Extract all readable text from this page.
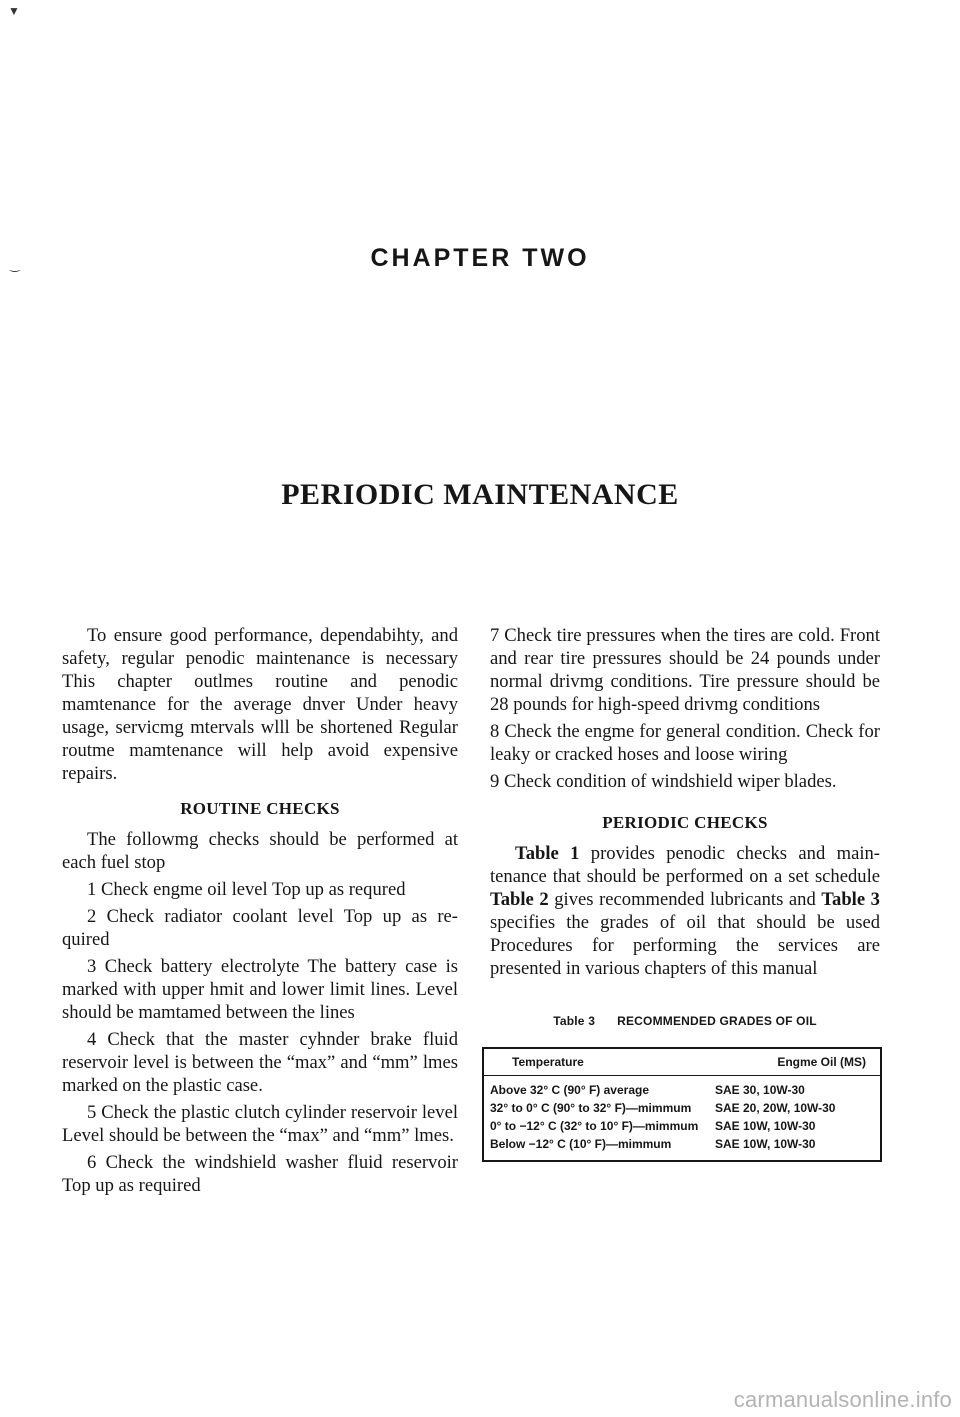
▼
‿	CHAPTER TWO
PERIODIC MAINTENANCE

To ensure good performance, dependabihty, and safety, regular penodic maintenance is necessary This chapter outlmes routine and penodic mamtenance for the average dnver Under heavy usage, servicmg mtervals wlll be shortened Regular routme mamtenance will help avoid expensive repairs.

ROUTINE CHECKS

The followmg checks should be performed at each fuel stop

1 Check engme oil level Top up as requred

2 Check radiator coolant level Top up as re-quired

3 Check battery electrolyte The battery case is marked with upper hmit and lower limit lines. Level should be mamtamed between the lines

4 Check that the master cyhnder brake fluid reservoir level is between the “max” and “mm” lmes marked on the plastic case.

5 Check the plastic clutch cylinder reservoir level Level should be between the “max” and “mm” lmes.

6 Check the windshield washer fluid reservoir Top up as required

7 Check tire pressures when the tires are cold. Front and rear tire pressures should be 24 pounds under normal drivmg conditions. Tire pressure should be 28 pounds for high-speed drivmg conditions

8 Check the engme for general condition. Check for leaky or cracked hoses and loose wiring

9 Check condition of windshield wiper blades.

PERIODIC CHECKS

Table 1 provides penodic checks and main-tenance that should be performed on a set schedule Table 2 gives recommended lubricants and Table 3 specifies the grades of oil that should be used Procedures for performing the services are presented in various chapters of this manual

Table 3 RECOMMENDED GRADES OF OIL

Temperature	Engme Oil (MS)
Above 32° C (90° F) average	SAE 30, 10W-30
32° to 0° C (90° to 32° F)—mimmum	SAE 20, 20W, 10W-30
0° to −12° C (32° to 10° F)—mimmum	SAE 10W, 10W-30
Below −12° C (10° F)—mimmum	SAE 10W, 10W-30
carmanualsonline.info
